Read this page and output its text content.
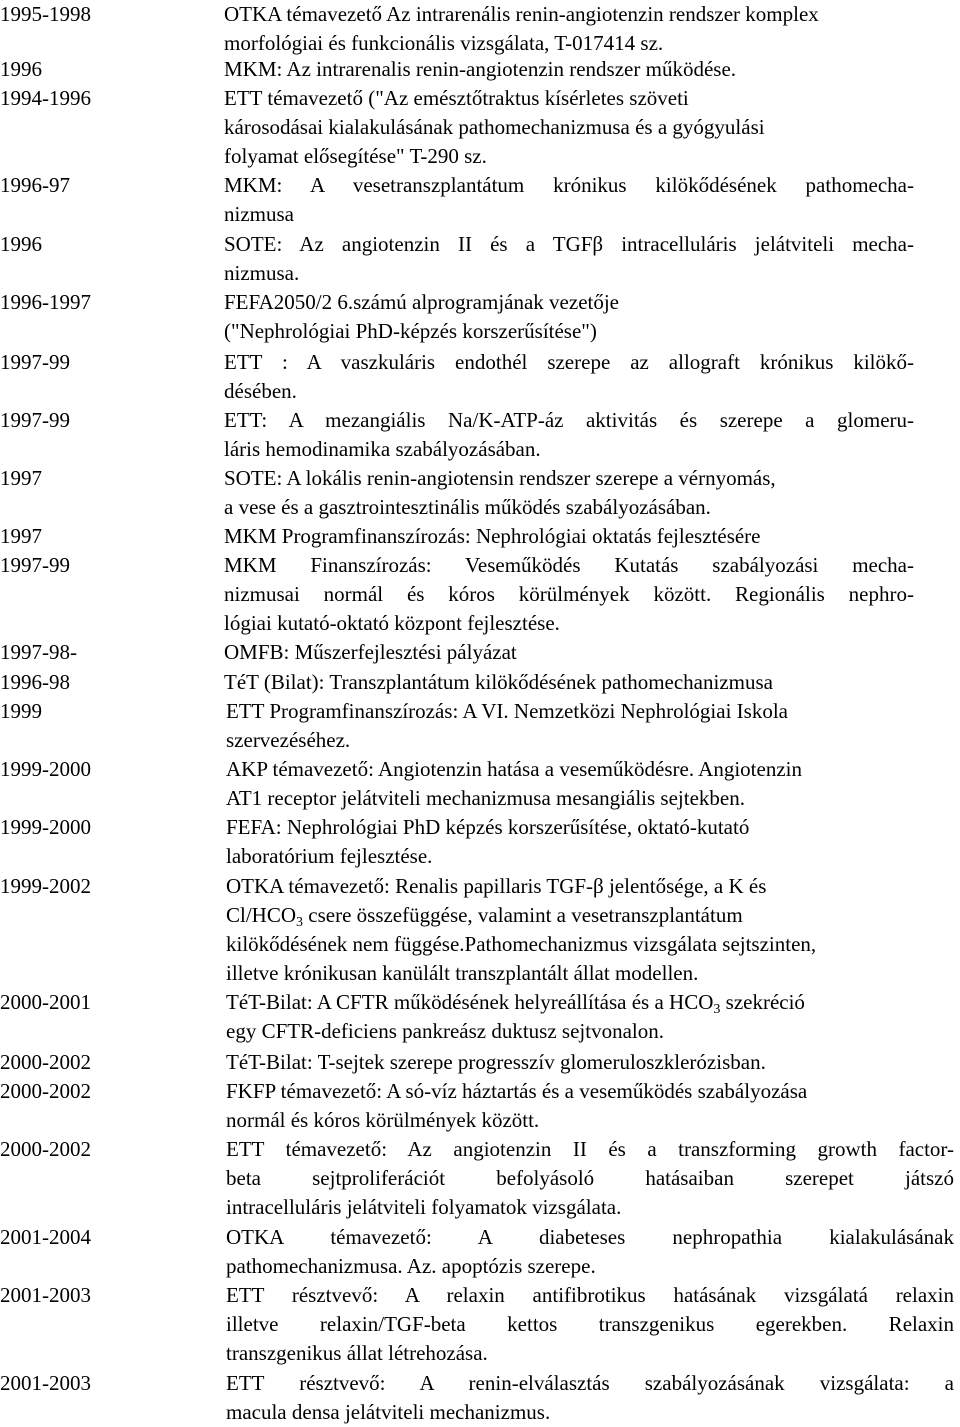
1995-1998	OTKA témavezető Az intrarenális renin-angiotenzin rendszer komplex
morfológiai és funkcionális vizsgálata, T-017414 sz.
1996	MKM: Az intrarenalis renin-angiotenzin rendszer működése.
1994-1996	ETT témavezető ("Az emésztőtraktus kísérletes szöveti
károsodásai kialakulásának pathomechanizmusa és a gyógyulási
folyamat elősegítése" T-290 sz.
1996-97	MKM: A vesetranszplantátum krónikus kilökődésének pathomecha-
nizmusa
1996	SOTE: Az angiotenzin II és a TGFβ intracelluláris jelátviteli mecha-
nizmusa.
1996-1997	FEFA2050/2 6.számú alprogramjának vezetője
("Nephrológiai PhD-képzés korszerűsítése")
1997-99	ETT : A vaszkuláris endothél szerepe az allograft krónikus kilökő-
désében.
1997-99	ETT: A mezangiális Na/K-ATP-áz aktivitás és szerepe a glomeru-
láris hemodinamika szabályozásában.
1997	SOTE: A lokális renin-angiotensin rendszer szerepe a vérnyomás,
a vese és a gasztrointesztinális működés szabályozásában.
1997	MKM Programfinanszírozás: Nephrológiai oktatás fejlesztésére
1997-99	MKM Finanszírozás: Veseműködés Kutatás szabályozási mecha-
nizmusai normál és kóros körülmények között. Regionális nephro-
lógiai kutató-oktató központ fejlesztése.
1997-98-	OMFB: Műszerfejlesztési pályázat
1996-98	TéT (Bilat): Transzplantátum kilökődésének pathomechanizmusa
1999	ETT Programfinanszírozás: A VI. Nemzetközi Nephrológiai Iskola
szervezéséhez.
1999-2000	AKP témavezető: Angiotenzin hatása a veseműködésre. Angiotenzin
AT1 receptor jelátviteli mechanizmusa mesangiális sejtekben.
1999-2000	FEFA: Nephrológiai PhD képzés korszerűsítése, oktató-kutató
laboratórium fejlesztése.
1999-2002	OTKA témavezető: Renalis papillaris TGF-β jelentősége, a K és
$Cl/HCO_3$ csere összefüggése, valamint a vesetranszplantátum
kilökődésének nem függése.Pathomechanizmus vizsgálata sejtszinten,
illetve krónikusan kanülált transzplantált állat modellen.
2000-2001	TéT-Bilat: A CFTR működésének helyreállítása és a $HCO_3$ szekréció
egy CFTR-deficiens pankreász duktusz sejtvonalon.
2000-2002	TéT-Bilat: T-sejtek szerepe progresszív glomeruloszklerózisban.
2000-2002	FKFP témavezető: A só-víz háztartás és a veseműködés szabályozása
normál és kóros körülmények között.
2000-2002	ETT témavezető: Az angiotenzin II és a transzforming growth factor-
beta sejtproliferációt befolyásoló hatásaiban szerepet játszó
intracelluláris jelátviteli folyamatok vizsgálata.
2001-2004	OTKA témavezető: A diabeteses nephropathia kialakulásának
pathomechanizmusa. Az. apoptózis szerepe.
2001-2003	ETT résztvevő: A relaxin antifibrotikus hatásának vizsgálatá relaxin
illetve relaxin/TGF-beta kettos transzgenikus egerekben. Relaxin
transzgenikus állat létrehozása.
2001-2003	ETT résztvevő: A renin-elválasztás szabályozásának vizsgálata: a
macula densa jelátviteli mechanizmus.
